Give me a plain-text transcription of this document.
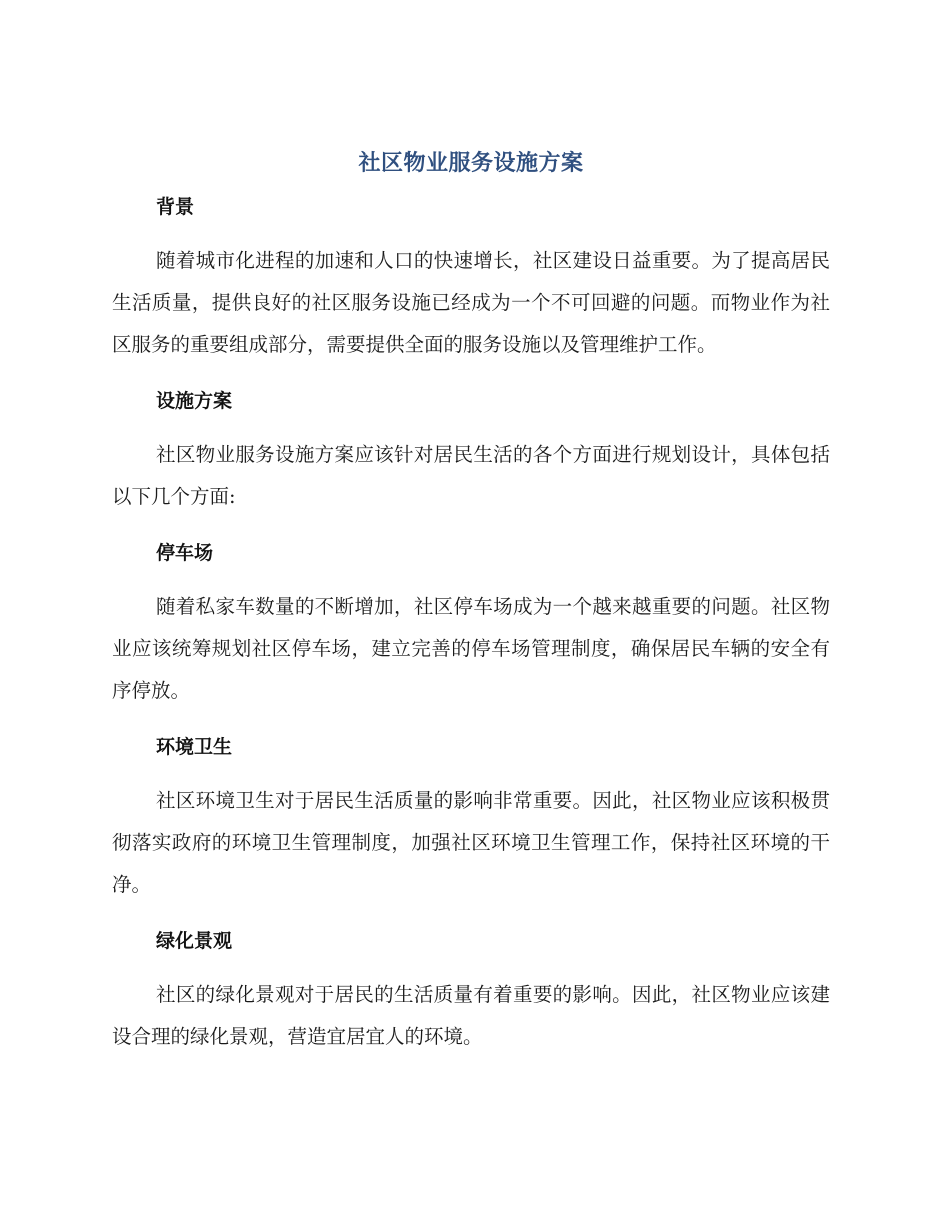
社区物业服务设施方案
背景

随着城市化进程的加速和人口的快速增长，社区建设日益重要。为了提高居民生活质量，提供良好的社区服务设施已经成为一个不可回避的问题。而物业作为社区服务的重要组成部分，需要提供全面的服务设施以及管理维护工作。

设施方案

社区物业服务设施方案应该针对居民生活的各个方面进行规划设计，具体包括以下几个方面:

停车场

随着私家车数量的不断增加，社区停车场成为一个越来越重要的问题。社区物业应该统筹规划社区停车场，建立完善的停车场管理制度，确保居民车辆的安全有序停放。

环境卫生

社区环境卫生对于居民生活质量的影响非常重要。因此，社区物业应该积极贯彻落实政府的环境卫生管理制度，加强社区环境卫生管理工作，保持社区环境的干净。

绿化景观

社区的绿化景观对于居民的生活质量有着重要的影响。因此，社区物业应该建设合理的绿化景观，营造宜居宜人的环境。
